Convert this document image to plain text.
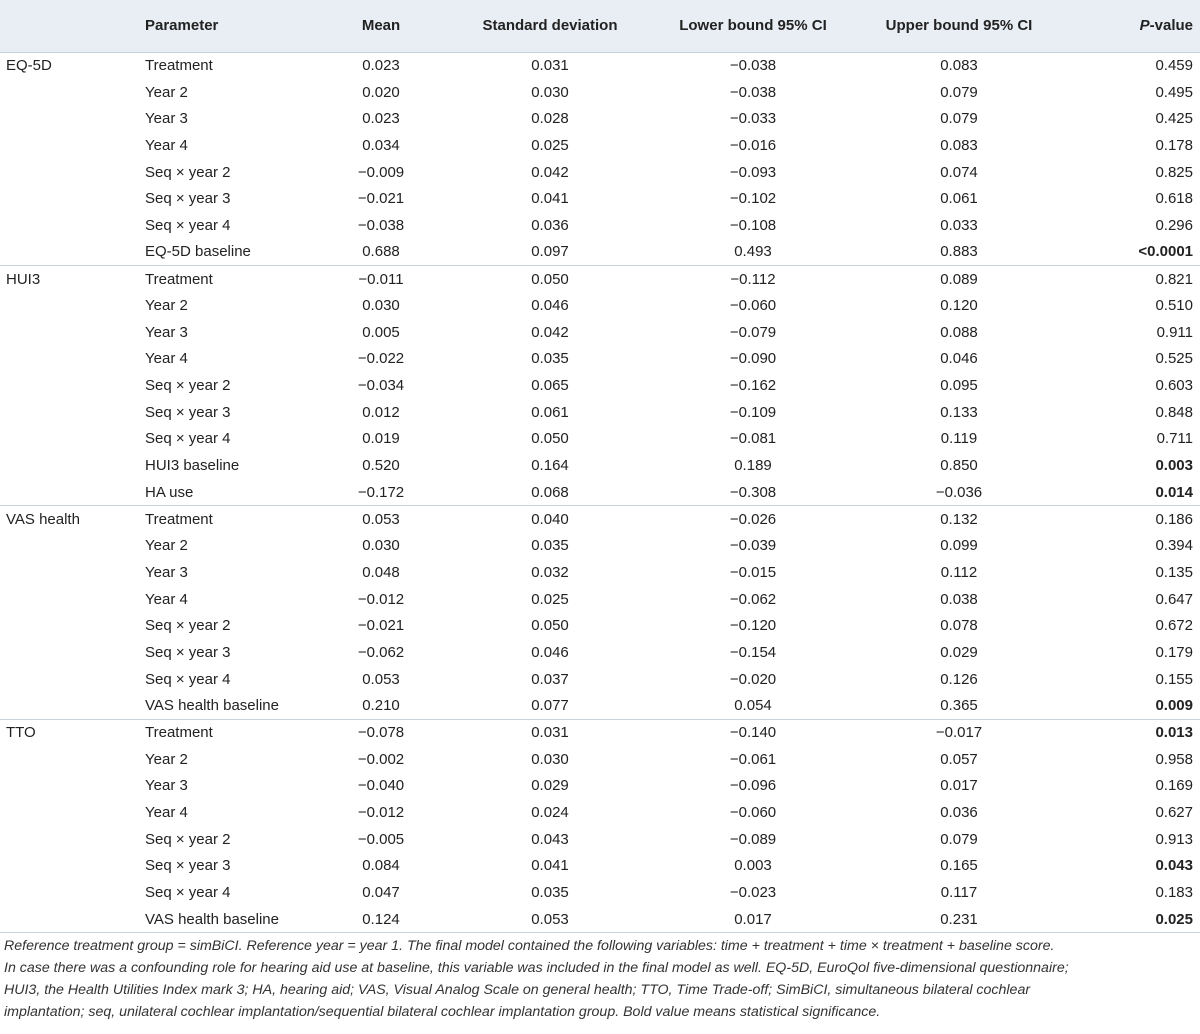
	Parameter	Mean	Standard deviation	Lower bound 95% CI	Upper bound 95% CI	P-value
EQ-5D	Treatment	0.023	0.031	−0.038	0.083	0.459
	Year 2	0.020	0.030	−0.038	0.079	0.495
	Year 3	0.023	0.028	−0.033	0.079	0.425
	Year 4	0.034	0.025	−0.016	0.083	0.178
	Seq × year 2	−0.009	0.042	−0.093	0.074	0.825
	Seq × year 3	−0.021	0.041	−0.102	0.061	0.618
	Seq × year 4	−0.038	0.036	−0.108	0.033	0.296
	EQ-5D baseline	0.688	0.097	0.493	0.883	<0.0001
HUI3	Treatment	−0.011	0.050	−0.112	0.089	0.821
	Year 2	0.030	0.046	−0.060	0.120	0.510
	Year 3	0.005	0.042	−0.079	0.088	0.911
	Year 4	−0.022	0.035	−0.090	0.046	0.525
	Seq × year 2	−0.034	0.065	−0.162	0.095	0.603
	Seq × year 3	0.012	0.061	−0.109	0.133	0.848
	Seq × year 4	0.019	0.050	−0.081	0.119	0.711
	HUI3 baseline	0.520	0.164	0.189	0.850	0.003
	HA use	−0.172	0.068	−0.308	−0.036	0.014
VAS health	Treatment	0.053	0.040	−0.026	0.132	0.186
	Year 2	0.030	0.035	−0.039	0.099	0.394
	Year 3	0.048	0.032	−0.015	0.112	0.135
	Year 4	−0.012	0.025	−0.062	0.038	0.647
	Seq × year 2	−0.021	0.050	−0.120	0.078	0.672
	Seq × year 3	−0.062	0.046	−0.154	0.029	0.179
	Seq × year 4	0.053	0.037	−0.020	0.126	0.155
	VAS health baseline	0.210	0.077	0.054	0.365	0.009
TTO	Treatment	−0.078	0.031	−0.140	−0.017	0.013
	Year 2	−0.002	0.030	−0.061	0.057	0.958
	Year 3	−0.040	0.029	−0.096	0.017	0.169
	Year 4	−0.012	0.024	−0.060	0.036	0.627
	Seq × year 2	−0.005	0.043	−0.089	0.079	0.913
	Seq × year 3	0.084	0.041	0.003	0.165	0.043
	Seq × year 4	0.047	0.035	−0.023	0.117	0.183
	VAS health baseline	0.124	0.053	0.017	0.231	0.025
Reference treatment group = simBiCI. Reference year = year 1. The final model contained the following variables: time + treatment + time × treatment + baseline score.
In case there was a confounding role for hearing aid use at baseline, this variable was included in the final model as well. EQ-5D, EuroQol five-dimensional questionnaire;
HUI3, the Health Utilities Index mark 3; HA, hearing aid; VAS, Visual Analog Scale on general health; TTO, Time Trade-off; SimBiCI, simultaneous bilateral cochlear
implantation; seq, unilateral cochlear implantation/sequential bilateral cochlear implantation group. Bold value means statistical significance.
